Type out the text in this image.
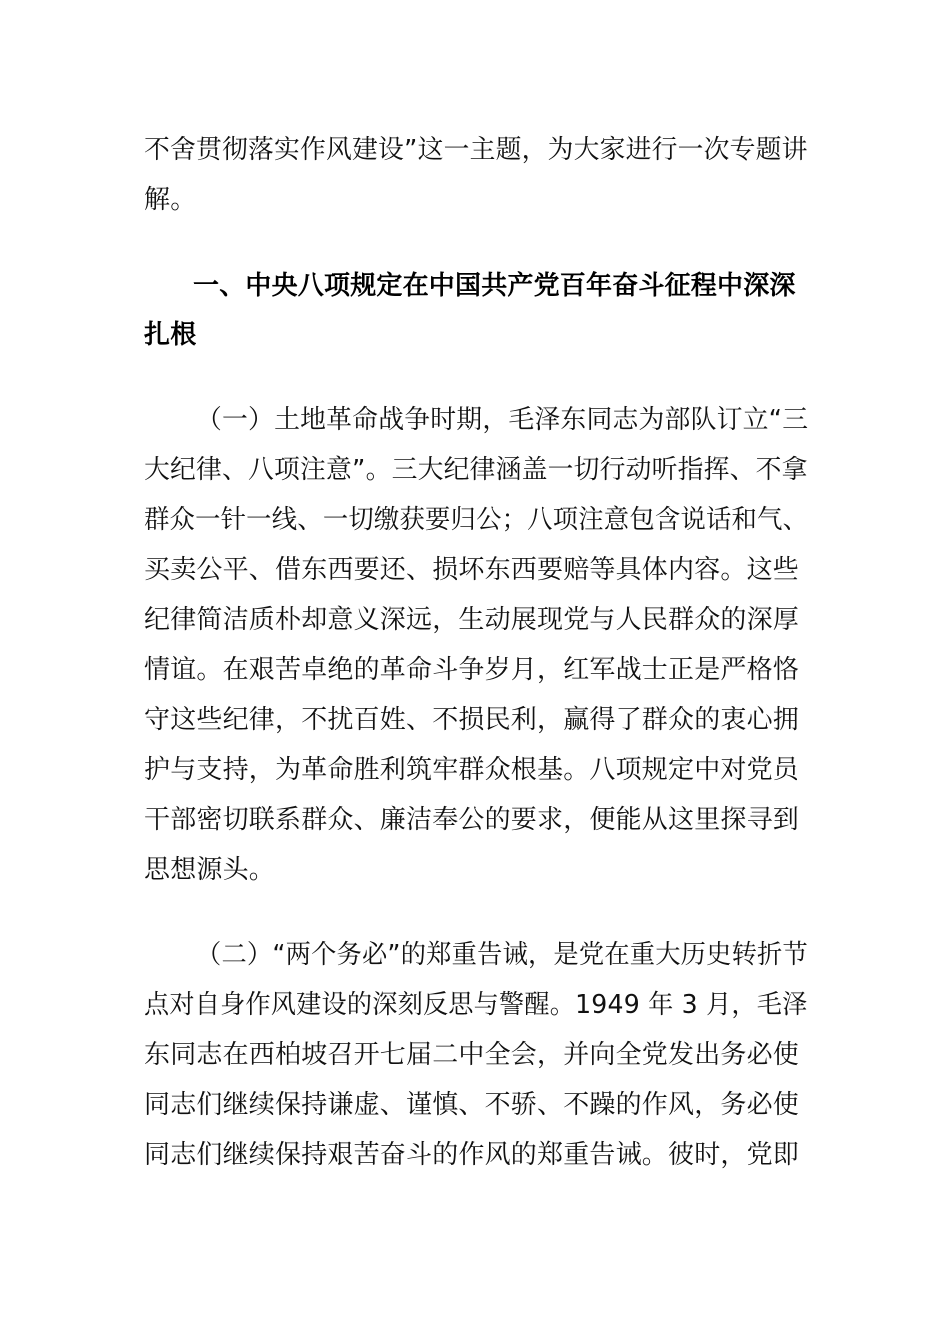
不舍贯彻落实作风建设”这一主题，为大家进行一次专题讲
解。
一、中央八项规定在中国共产党百年奋斗征程中深深
扎根
（一）土地革命战争时期，毛泽东同志为部队订立“三
大纪律、八项注意”。三大纪律涵盖一切行动听指挥、不拿
群众一针一线、一切缴获要归公；八项注意包含说话和气、
买卖公平、借东西要还、损坏东西要赔等具体内容。这些
纪律简洁质朴却意义深远，生动展现党与人民群众的深厚
情谊。在艰苦卓绝的革命斗争岁月，红军战士正是严格恪
守这些纪律，不扰百姓、不损民利，赢得了群众的衷心拥
护与支持，为革命胜利筑牢群众根基。八项规定中对党员
干部密切联系群众、廉洁奉公的要求，便能从这里探寻到
思想源头。
（二）“两个务必”的郑重告诫，是党在重大历史转折节
点对自身作风建设的深刻反思与警醒。1949 年 3 月，毛泽
东同志在西柏坡召开七届二中全会，并向全党发出务必使
同志们继续保持谦虚、谨慎、不骄、不躁的作风，务必使
同志们继续保持艰苦奋斗的作风的郑重告诫。彼时，党即
